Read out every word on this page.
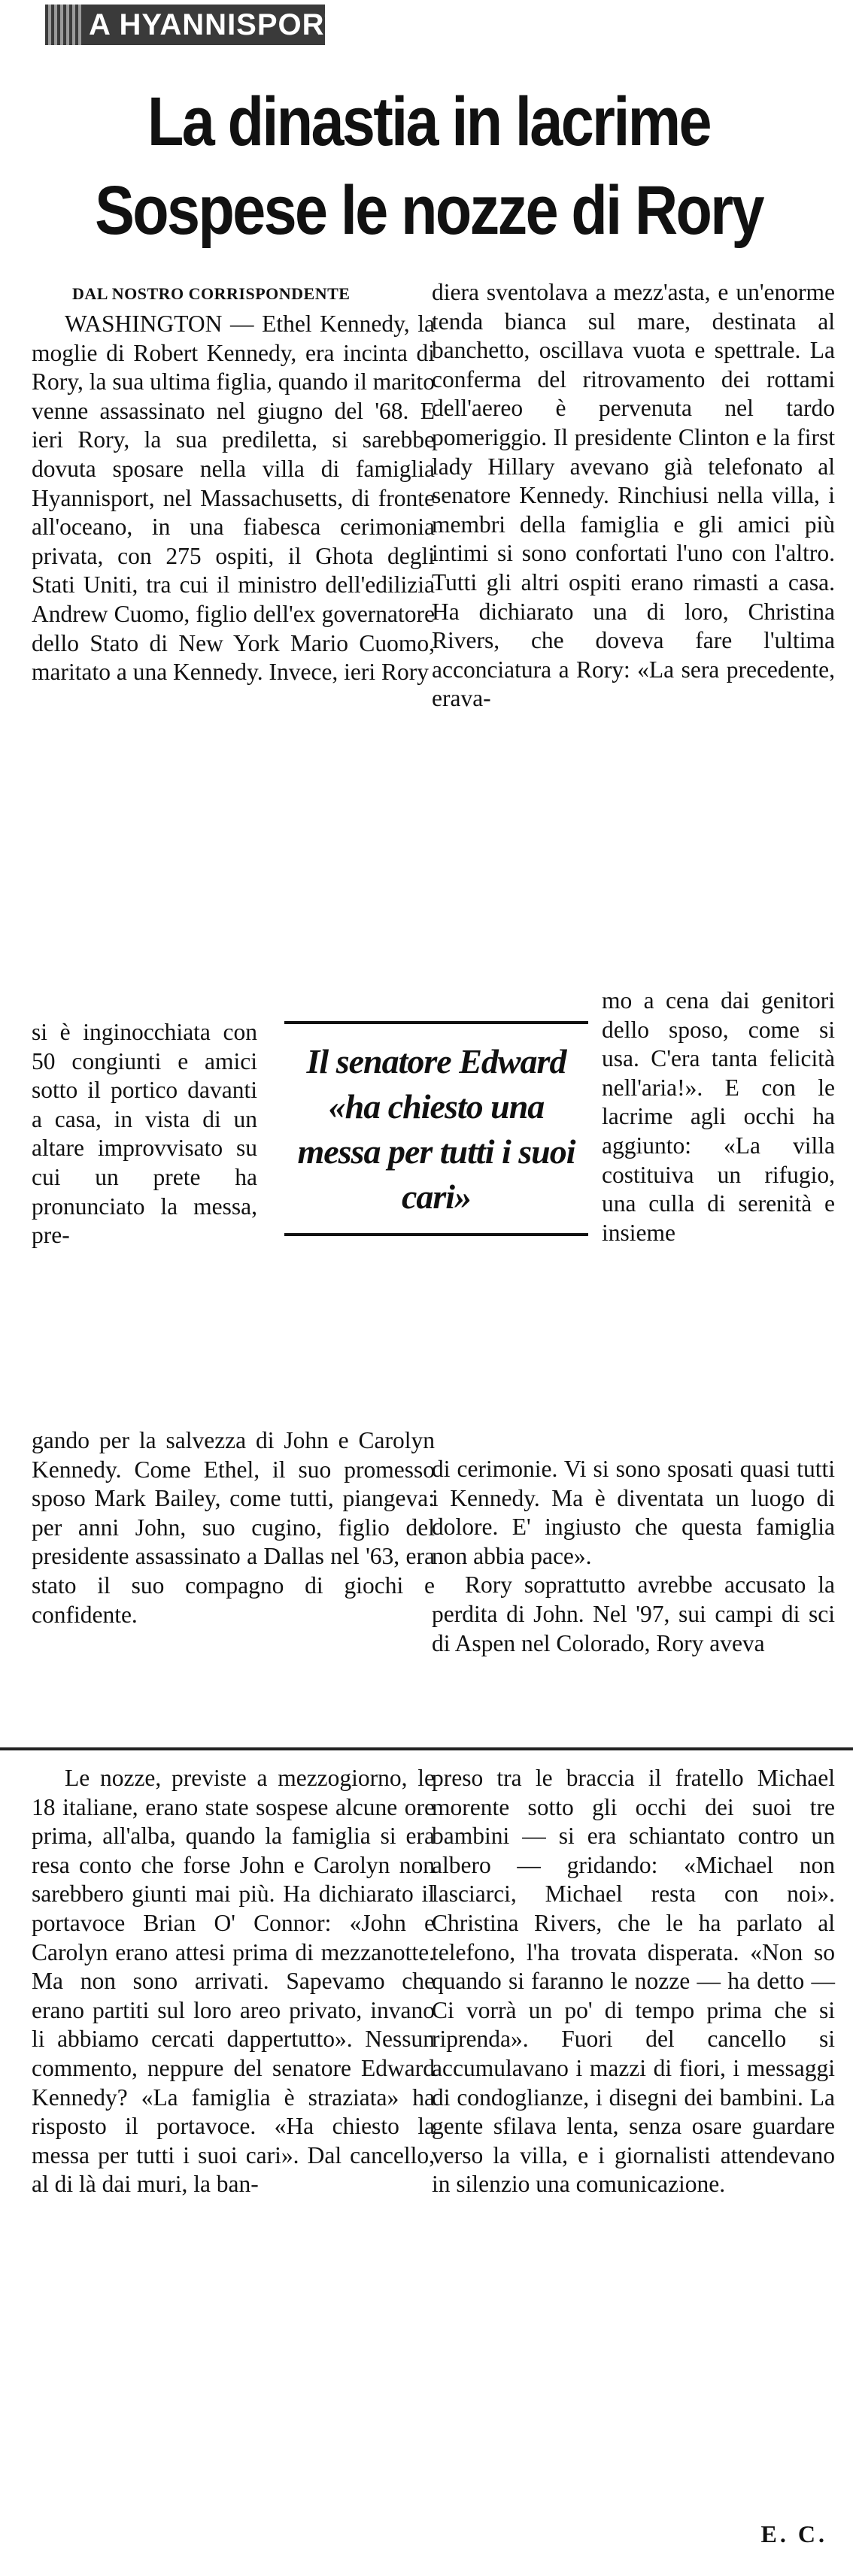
A HYANNISPORT
La dinastia in lacrime
Sospese le nozze di Rory
DAL NOSTRO CORRISPONDENTE

WASHINGTON — Ethel Kennedy, la moglie di Robert Kennedy, era incinta di Rory, la sua ultima figlia, quando il marito venne assassinato nel giugno del '68. E ieri Rory, la sua prediletta, si sarebbe dovuta sposare nella villa di famiglia Hyannisport, nel Massachusetts, di fronte all'oceano, in una fiabesca cerimonia privata, con 275 ospiti, il Ghota degli Stati Uniti, tra cui il ministro dell'edilizia Andrew Cuomo, figlio dell'ex governatore dello Stato di New York Mario Cuomo, maritato a una Kennedy. Invece, ieri Rory

si è inginocchiata con 50 congiunti e amici sotto il portico davanti a casa, in vista di un altare improvvisato su cui un prete ha pronunciato la messa, pre-

gando per la salvezza di John e Carolyn Kennedy. Come Ethel, il suo promesso sposo Mark Bailey, come tutti, piangeva: per anni John, suo cugino, figlio del presidente assassinato a Dallas nel '63, era stato il suo compagno di giochi e confidente.

diera sventolava a mezz'asta, e un'enorme tenda bianca sul mare, destinata al banchetto, oscillava vuota e spettrale. La conferma del ritrovamento dei rottami dell'aereo è pervenuta nel tardo pomeriggio. Il presidente Clinton e la first lady Hillary avevano già telefonato al senatore Kennedy. Rinchiusi nella villa, i membri della famiglia e gli amici più intimi si sono confortati l'uno con l'altro. Tutti gli altri ospiti erano rimasti a casa. Ha dichiarato una di loro, Christina Rivers, che doveva fare l'ultima acconciatura a Rory: «La sera precedente, erava-

mo a cena dai genitori dello sposo, come si usa. C'era tanta felicità nell'aria!». E con le lacrime agli occhi ha aggiunto: «La villa costituiva un rifugio, una culla di serenità e insieme

di cerimonie. Vi si sono sposati quasi tutti i Kennedy. Ma è diventata un luogo di dolore. E' ingiusto che questa famiglia non abbia pace».

Rory soprattutto avrebbe accusato la perdita di John. Nel '97, sui campi di sci di Aspen nel Colorado, Rory aveva

Il senatore Edward «ha chiesto una messa per tutti i suoi cari»

Le nozze, previste a mezzogiorno, le 18 italiane, erano state sospese alcune ore prima, all'alba, quando la famiglia si era resa conto che forse John e Carolyn non sarebbero giunti mai più. Ha dichiarato il portavoce Brian O' Connor: «John e Carolyn erano attesi prima di mezzanotte. Ma non sono arrivati. Sapevamo che erano partiti sul loro areo privato, invano li abbiamo cercati dappertutto». Nessun commento, neppure del senatore Edward Kennedy? «La famiglia è straziata» ha risposto il portavoce. «Ha chiesto la messa per tutti i suoi cari». Dal cancello, al di là dai muri, la ban-

preso tra le braccia il fratello Michael morente sotto gli occhi dei suoi tre bambini — si era schiantato contro un albero — gridando: «Michael non lasciarci, Michael resta con noi». Christina Rivers, che le ha parlato al telefono, l'ha trovata disperata. «Non so quando si faranno le nozze — ha detto — Ci vorrà un po' di tempo prima che si riprenda». Fuori del cancello si accumulavano i mazzi di fiori, i messaggi di condoglianze, i disegni dei bambini. La gente sfilava lenta, senza osare guardare verso la villa, e i giornalisti attendevano in silenzio una comunicazione.

E. C.
